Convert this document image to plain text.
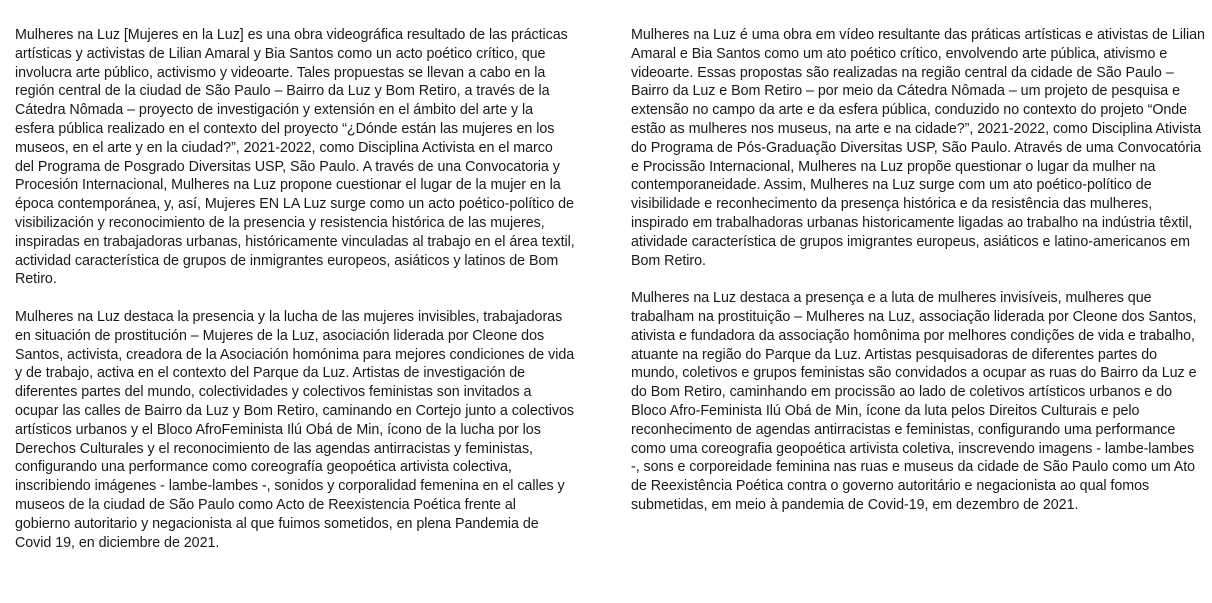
Mulheres na Luz [Mujeres en la Luz] es una obra videográfica resultado de las prácticas artísticas y activistas de Lilian Amaral y Bia Santos como un acto poético crítico, que involucra arte público, activismo y videoarte. Tales propuestas se llevan a cabo en la región central de la ciudad de São Paulo – Bairro da Luz y Bom Retiro, a través de la Cátedra Nômada – proyecto de investigación y extensión en el ámbito del arte y la esfera pública realizado en el contexto del proyecto “¿Dónde están las mujeres en los museos, en el arte y en la ciudad?”, 2021-2022, como Disciplina Activista en el marco del Programa de Posgrado Diversitas USP, São Paulo. A través de una Convocatoria y Procesión Internacional, Mulheres na Luz propone cuestionar el lugar de la mujer en la época contemporánea, y, así, Mujeres EN LA Luz surge como un acto poético-político de visibilización y reconocimiento de la presencia y resistencia histórica de las mujeres, inspiradas en trabajadoras urbanas, históricamente vinculadas al trabajo en el área textil, actividad característica de grupos de inmigrantes europeos, asiáticos y latinos de Bom Retiro.

Mulheres na Luz destaca la presencia y la lucha de las mujeres invisibles, trabajadoras en situación de prostitución – Mujeres de la Luz, asociación liderada por Cleone dos Santos, activista, creadora de la Asociación homónima para mejores condiciones de vida y de trabajo, activa en el contexto del Parque da Luz. Artistas de investigación de diferentes partes del mundo, colectividades y colectivos feministas son invitados a ocupar las calles de Bairro da Luz y Bom Retiro, caminando en Cortejo junto a colectivos artísticos urbanos y el Bloco AfroFeminista Ilú Obá de Min, ícono de la lucha por los Derechos Culturales y el reconocimiento de las agendas antirracistas y feministas, configurando una performance como coreografía geopoética artivista colectiva, inscribiendo imágenes - lambe-lambes -, sonidos y corporalidad femenina en el calles y museos de la ciudad de São Paulo como Acto de Reexistencia Poética frente al gobierno autoritario y negacionista al que fuimos sometidos, en plena Pandemia de Covid 19, en diciembre de 2021.

Mulheres na Luz é uma obra em vídeo resultante das práticas artísticas e ativistas de Lilian Amaral e Bia Santos como um ato poético crítico, envolvendo arte pública, ativismo e videoarte. Essas propostas são realizadas na região central da cidade de São Paulo – Bairro da Luz e Bom Retiro – por meio da Cátedra Nômada – um projeto de pesquisa e extensão no campo da arte e da esfera pública, conduzido no contexto do projeto “Onde estão as mulheres nos museus, na arte e na cidade?”, 2021-2022, como Disciplina Ativista do Programa de Pós-Graduação Diversitas USP, São Paulo. Através de uma Convocatória e Procissão Internacional, Mulheres na Luz propõe questionar o lugar da mulher na contemporaneidade. Assim, Mulheres na Luz surge com um ato poético-político de visibilidade e reconhecimento da presença histórica e da resistência das mulheres, inspirado em trabalhadoras urbanas historicamente ligadas ao trabalho na indústria têxtil, atividade característica de grupos imigrantes europeus, asiáticos e latino-americanos em Bom Retiro.

Mulheres na Luz destaca a presença e a luta de mulheres invisíveis, mulheres que trabalham na prostituição – Mulheres na Luz, associação liderada por Cleone dos Santos, ativista e fundadora da associação homônima por melhores condições de vida e trabalho, atuante na região do Parque da Luz. Artistas pesquisadoras de diferentes partes do mundo, coletivos e grupos feministas são convidados a ocupar as ruas do Bairro da Luz e do Bom Retiro, caminhando em procissão ao lado de coletivos artísticos urbanos e do Bloco Afro-Feminista Ilú Obá de Min, ícone da luta pelos Direitos Culturais e pelo reconhecimento de agendas antirracistas e feministas, configurando uma performance como uma coreografia geopoética artivista coletiva, inscrevendo imagens - lambe-lambes -, sons e corporeidade feminina nas ruas e museus da cidade de São Paulo como um Ato de Reexistência Poética contra o governo autoritário e negacionista ao qual fomos submetidas, em meio à pandemia de Covid-19, em dezembro de 2021.
